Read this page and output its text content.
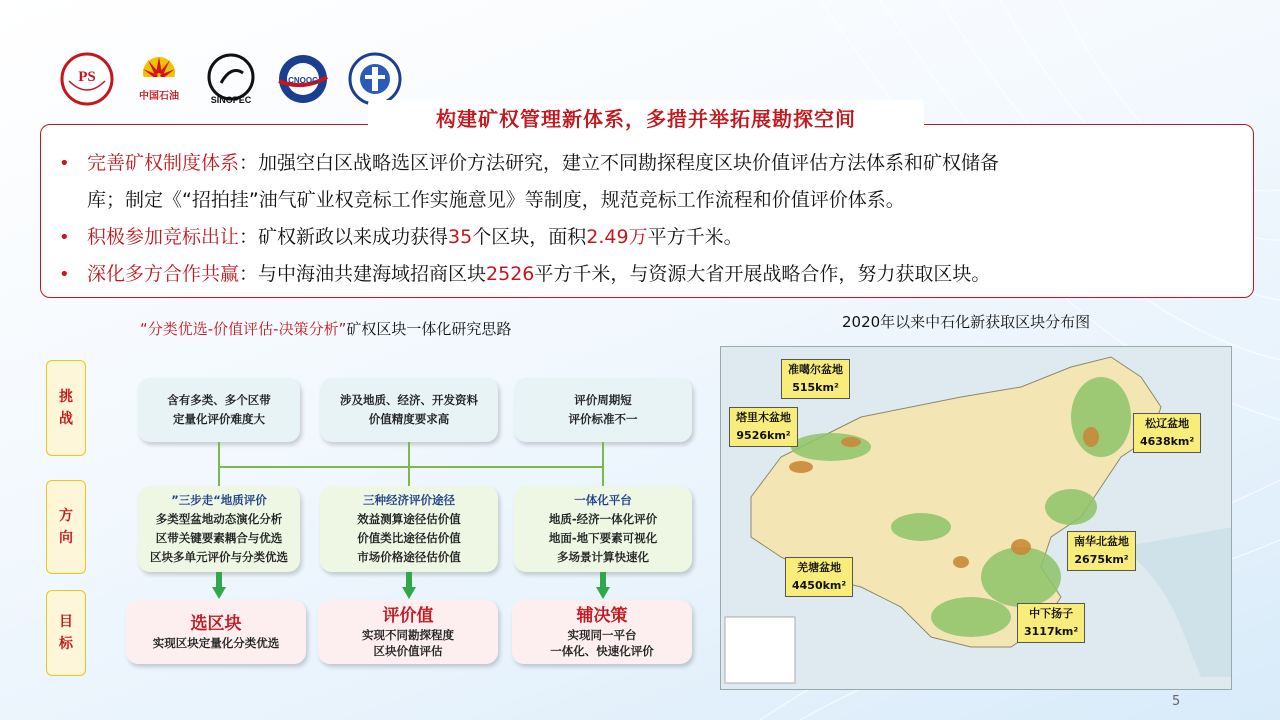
PS
中国石油	SINOPEC
CNOOC
构建矿权管理新体系，多措并举拓展勘探空间
• 完善矿权制度体系：加强空白区战略选区评价方法研究，建立不同勘探程度区块价值评估方法体系和矿权储备
库；制定《“招拍挂”油气矿业权竞标工作实施意见》等制度，规范竞标工作流程和价值评价体系。
• 积极参加竞标出让：矿权新政以来成功获得35个区块，面积2.49万平方千米。
• 深化多方合作共赢：与中海油共建海域招商区块2526平方千米，与资源大省开展战略合作，努力获取区块。
“分类优选-价值评估-决策分析”矿权区块一体化研究思路
挑
战
方
向
目
标
含有多类、多个区带
定量化评价难度大
涉及地质、经济、开发资料
价值精度要求高
评价周期短
评价标准不一
”三步走“地质评价
多类型盆地动态演化分析
区带关键要素耦合与优选
区块多单元评价与分类优选
三种经济评价途径
效益测算途径估价值
价值类比途径估价值
市场价格途径估价值
一体化平台
地质-经济一体化评价
地面-地下要素可视化
多场景计算快速化
选区块
实现区块定量化分类优选
评价值
实现不同勘探程度
区块价值评估
辅决策
实现同一平台
一体化、快速化评价
2020年以来中石化新获取区块分布图
准噶尔盆地
515km²
塔里木盆地
9526km²
松辽盆地
4638km²
南华北盆地
2675km²
羌塘盆地
4450km²
中下扬子
3117km²
5
